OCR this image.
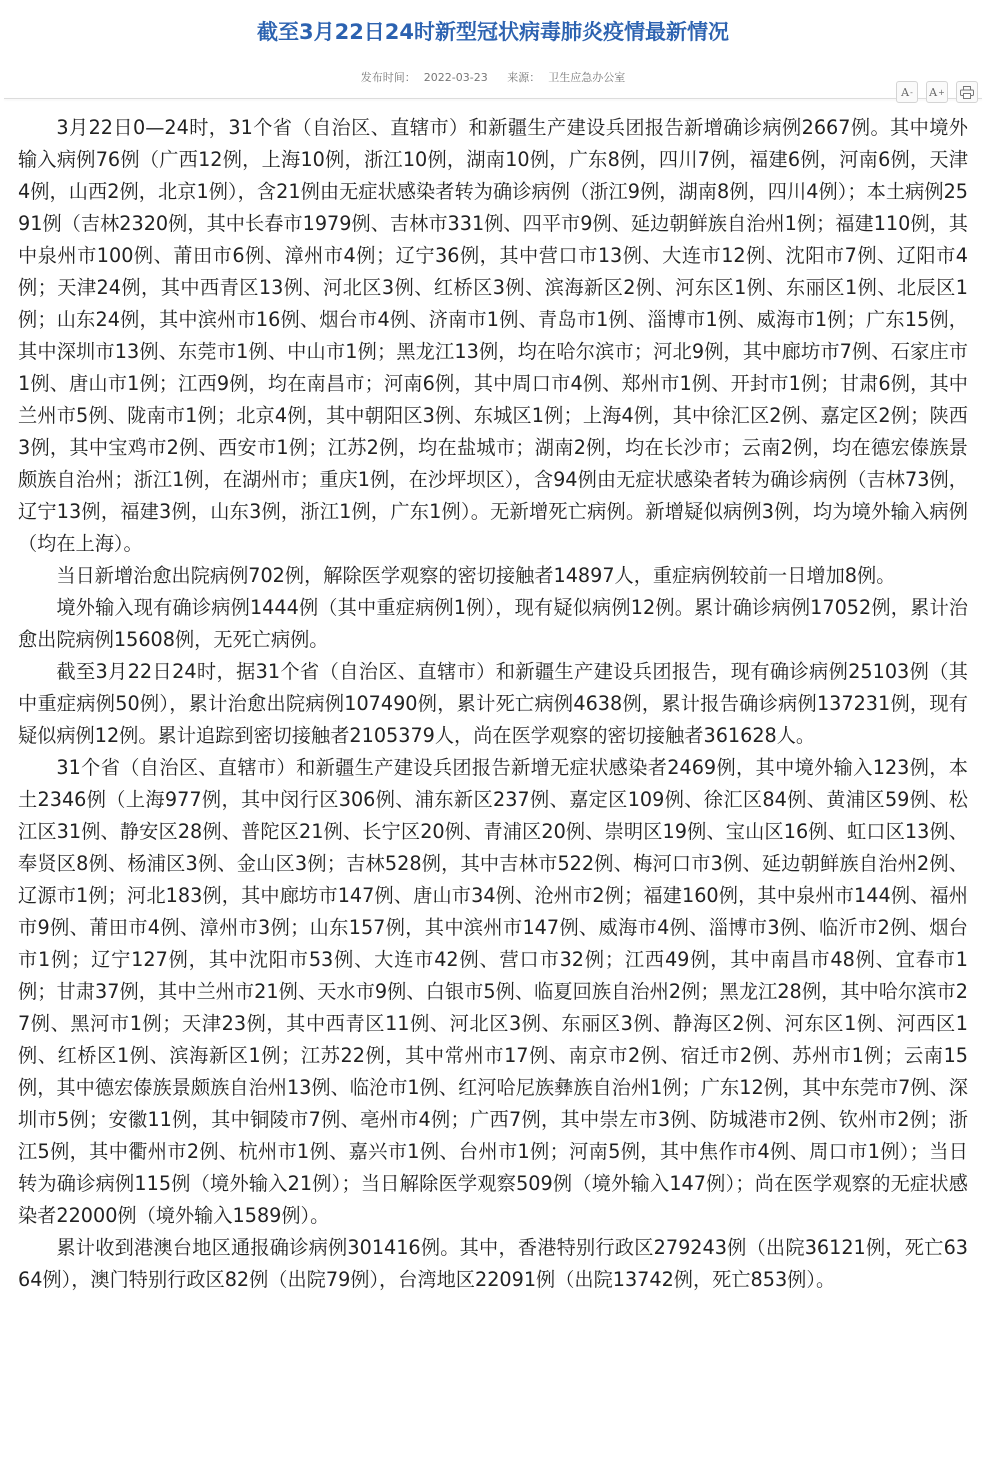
截至3月22日24时新型冠状病毒肺炎疫情最新情况
发布时间： 2022-03-23 来源： 卫生应急办公室
A - A +

3月22日0—24时，31个省（自治区、直辖市）和新疆生产建设兵团报告新增确诊病例2667例。其中境外输入病例76例（广西12例，上海10例，浙江10例，湖南10例，广东8例，四川7例，福建6例，河南6例，天津4例，山西2例，北京1例），含21例由无症状感染者转为确诊病例（浙江9例，湖南8例，四川4例）；本土病例2591例（吉林2320例，其中长春市1979例、吉林市331例、四平市9例、延边朝鲜族自治州1例；福建110例，其中泉州市100例、莆田市6例、漳州市4例；辽宁36例，其中营口市13例、大连市12例、沈阳市7例、辽阳市4例；天津24例，其中西青区13例、河北区3例、红桥区3例、滨海新区2例、河东区1例、东丽区1例、北辰区1例；山东24例，其中滨州市16例、烟台市4例、济南市1例、青岛市1例、淄博市1例、威海市1例；广东15例，其中深圳市13例、东莞市1例、中山市1例；黑龙江13例，均在哈尔滨市；河北9例，其中廊坊市7例、石家庄市1例、唐山市1例；江西9例，均在南昌市；河南6例，其中周口市4例、郑州市1例、开封市1例；甘肃6例，其中兰州市5例、陇南市1例；北京4例，其中朝阳区3例、东城区1例；上海4例，其中徐汇区2例、嘉定区2例；陕西3例，其中宝鸡市2例、西安市1例；江苏2例，均在盐城市；湖南2例，均在长沙市；云南2例，均在德宏傣族景颇族自治州；浙江1例，在湖州市；重庆1例，在沙坪坝区），含94例由无症状感染者转为确诊病例（吉林73例，辽宁13例，福建3例，山东3例，浙江1例，广东1例）。无新增死亡病例。新增疑似病例3例，均为境外输入病例（均在上海）。

当日新增治愈出院病例702例，解除医学观察的密切接触者14897人，重症病例较前一日增加8例。

境外输入现有确诊病例1444例（其中重症病例1例），现有疑似病例12例。累计确诊病例17052例，累计治愈出院病例15608例，无死亡病例。

截至3月22日24时，据31个省（自治区、直辖市）和新疆生产建设兵团报告，现有确诊病例25103例（其中重症病例50例），累计治愈出院病例107490例，累计死亡病例4638例，累计报告确诊病例137231例，现有疑似病例12例。累计追踪到密切接触者2105379人，尚在医学观察的密切接触者361628人。

31个省（自治区、直辖市）和新疆生产建设兵团报告新增无症状感染者2469例，其中境外输入123例，本土2346例（上海977例，其中闵行区306例、浦东新区237例、嘉定区109例、徐汇区84例、黄浦区59例、松江区31例、静安区28例、普陀区21例、长宁区20例、青浦区20例、崇明区19例、宝山区16例、虹口区13例、奉贤区8例、杨浦区3例、金山区3例；吉林528例，其中吉林市522例、梅河口市3例、延边朝鲜族自治州2例、辽源市1例；河北183例，其中廊坊市147例、唐山市34例、沧州市2例；福建160例，其中泉州市144例、福州市9例、莆田市4例、漳州市3例；山东157例，其中滨州市147例、威海市4例、淄博市3例、临沂市2例、烟台市1例；辽宁127例，其中沈阳市53例、大连市42例、营口市32例；江西49例，其中南昌市48例、宜春市1例；甘肃37例，其中兰州市21例、天水市9例、白银市5例、临夏回族自治州2例；黑龙江28例，其中哈尔滨市27例、黑河市1例；天津23例，其中西青区11例、河北区3例、东丽区3例、静海区2例、河东区1例、河西区1例、红桥区1例、滨海新区1例；江苏22例，其中常州市17例、南京市2例、宿迁市2例、苏州市1例；云南15例，其中德宏傣族景颇族自治州13例、临沧市1例、红河哈尼族彝族自治州1例；广东12例，其中东莞市7例、深圳市5例；安徽11例，其中铜陵市7例、亳州市4例；广西7例，其中崇左市3例、防城港市2例、钦州市2例；浙江5例，其中衢州市2例、杭州市1例、嘉兴市1例、台州市1例；河南5例，其中焦作市4例、周口市1例）；当日转为确诊病例115例（境外输入21例）；当日解除医学观察509例（境外输入147例）；尚在医学观察的无症状感染者22000例（境外输入1589例）。

累计收到港澳台地区通报确诊病例301416例。其中，香港特别行政区279243例（出院36121例，死亡6364例），澳门特别行政区82例（出院79例），台湾地区22091例（出院13742例，死亡853例）。
